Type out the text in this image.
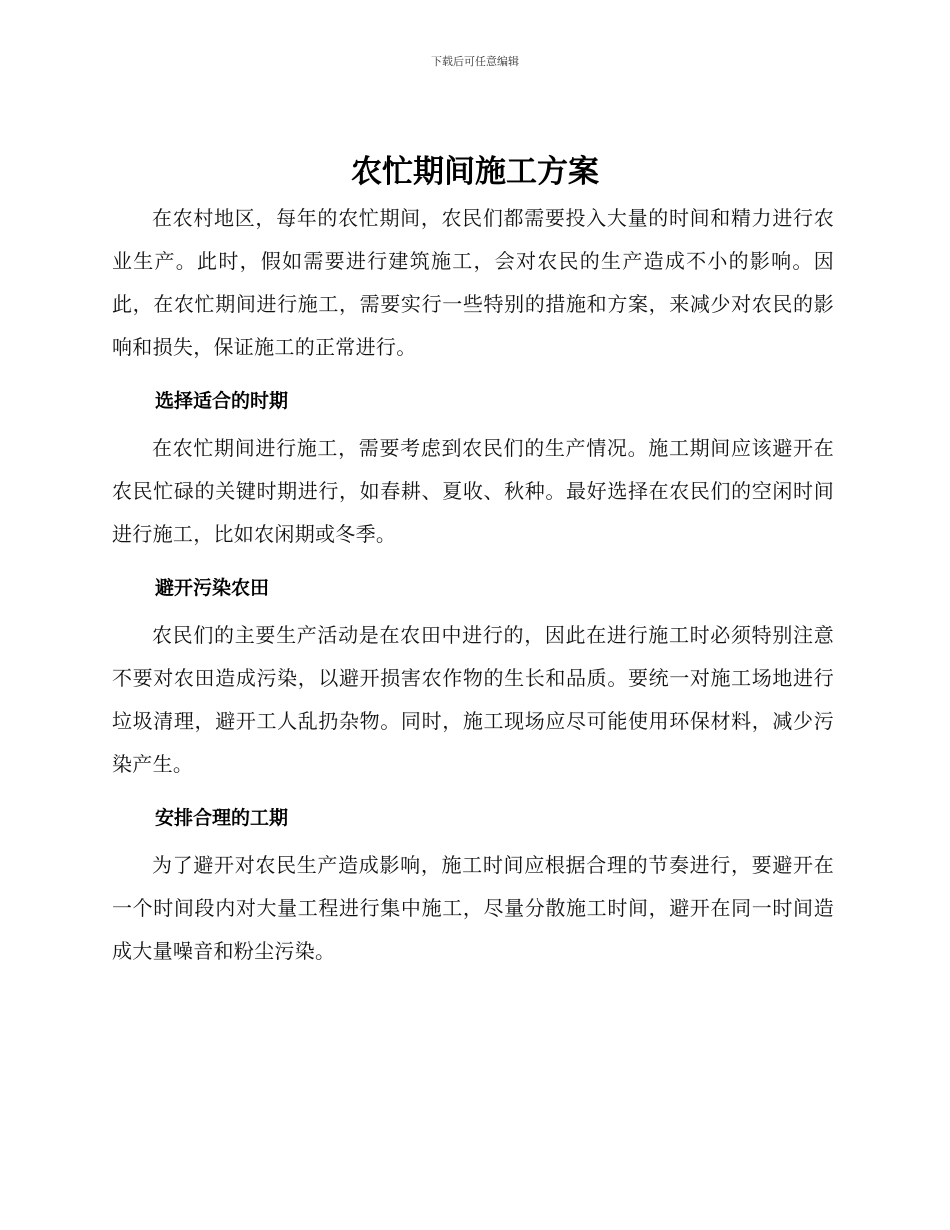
下载后可任意编辑
农忙期间施工方案

在农村地区，每年的农忙期间，农民们都需要投入大量的时间和精力进行农业生产。此时，假如需要进行建筑施工，会对农民的生产造成不小的影响。因此，在农忙期间进行施工，需要实行一些特别的措施和方案，来减少对农民的影响和损失，保证施工的正常进行。

选择适合的时期

在农忙期间进行施工，需要考虑到农民们的生产情况。施工期间应该避开在农民忙碌的关键时期进行，如春耕、夏收、秋种。最好选择在农民们的空闲时间进行施工，比如农闲期或冬季。

避开污染农田

农民们的主要生产活动是在农田中进行的，因此在进行施工时必须特别注意不要对农田造成污染，以避开损害农作物的生长和品质。要统一对施工场地进行垃圾清理，避开工人乱扔杂物。同时，施工现场应尽可能使用环保材料，减少污染产生。

安排合理的工期

为了避开对农民生产造成影响，施工时间应根据合理的节奏进行，要避开在一个时间段内对大量工程进行集中施工，尽量分散施工时间，避开在同一时间造成大量噪音和粉尘污染。
